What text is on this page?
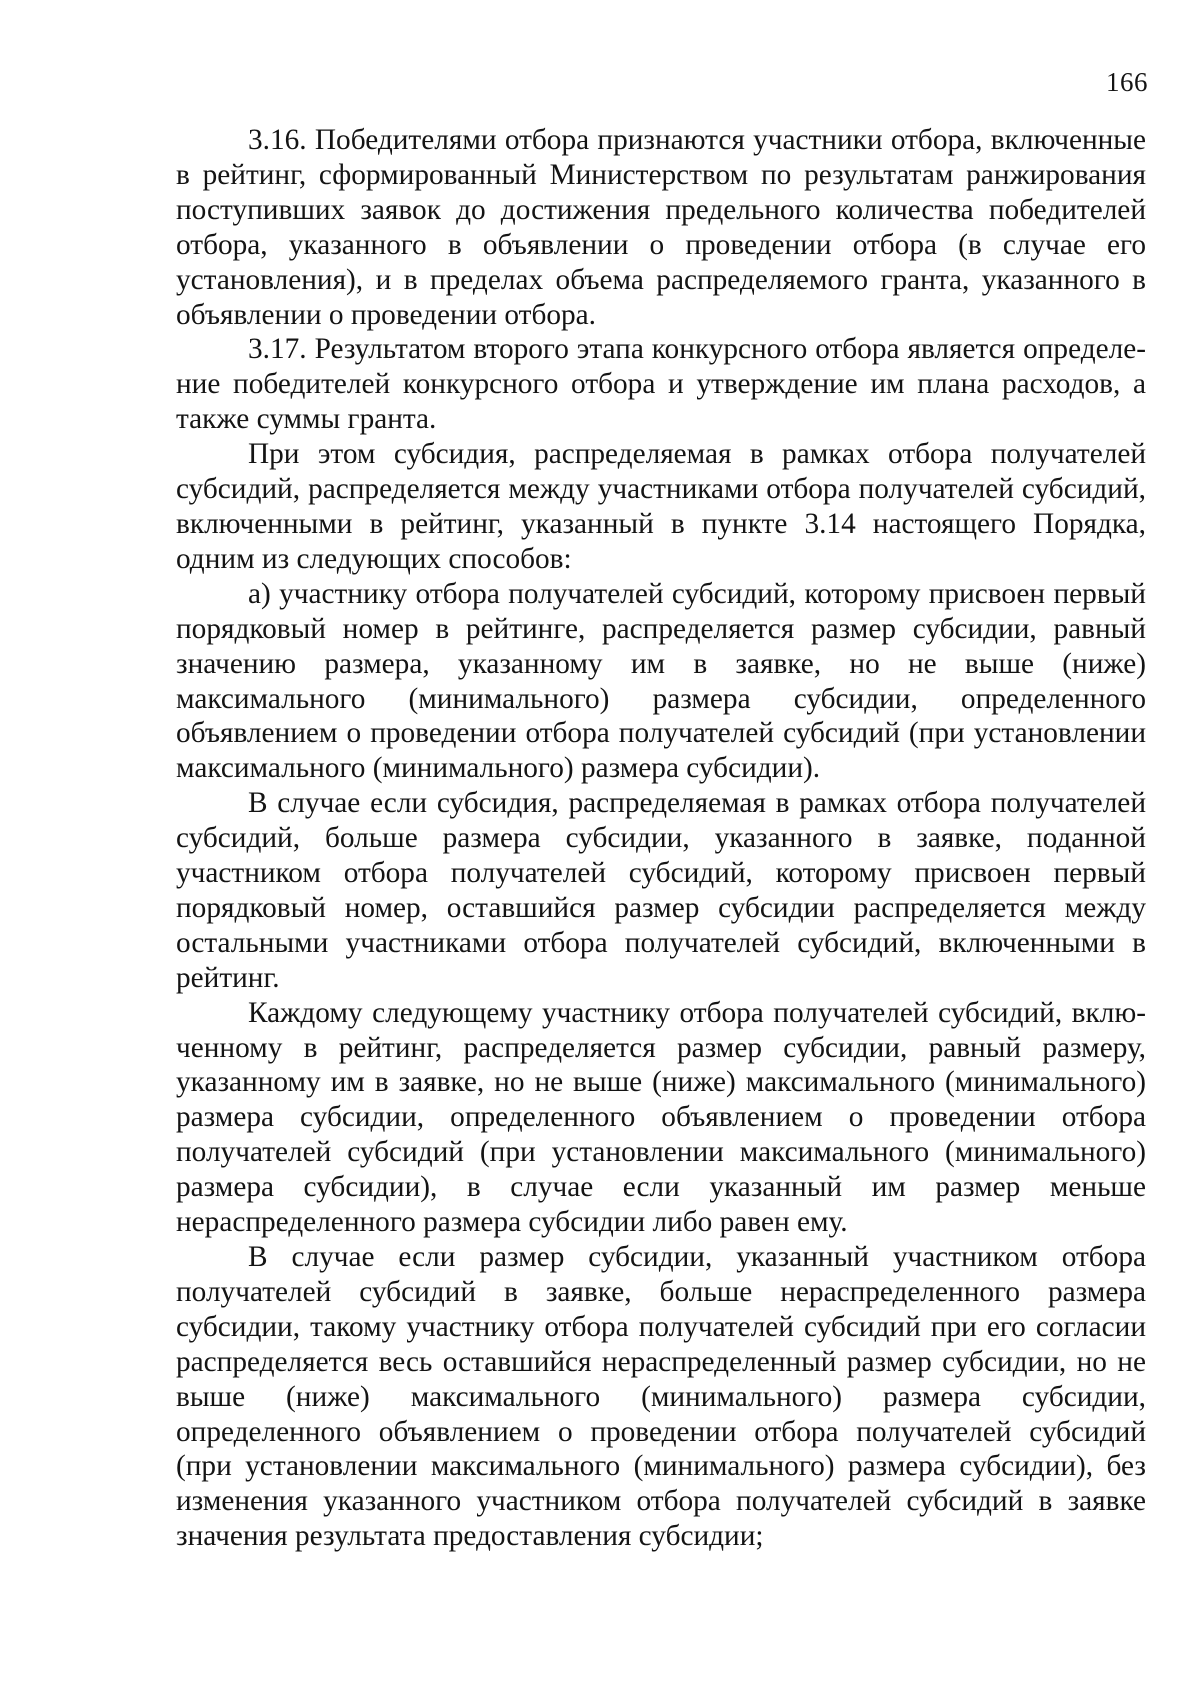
166

3.16. Победителями отбора признаются участники отбора, включенные в рейтинг, сформированный Министерством по результатам ранжирования поступивших заявок до достижения предельного количества победителей отбора, указанного в объявлении о проведении отбора (в случае его установления), и в пределах объема распределяемого гранта, указанного в объявлении о проведении отбора.

3.17. Результатом второго этапа конкурсного отбора является определение победителей конкурсного отбора и утверждение им плана расходов, а также суммы гранта.

При этом субсидия, распределяемая в рамках отбора получателей субсидий, распределяется между участниками отбора получателей субсидий, включенными в рейтинг, указанный в пункте 3.14 настоящего Порядка, одним из следующих способов:

а) участнику отбора получателей субсидий, которому присвоен первый порядковый номер в рейтинге, распределяется размер субсидии, равный значению размера, указанному им в заявке, но не выше (ниже) максимального (минимального) размера субсидии, определенного объявлением о проведении отбора получателей субсидий (при установлении максимального (минимального) размера субсидии).

В случае если субсидия, распределяемая в рамках отбора получателей субсидий, больше размера субсидии, указанного в заявке, поданной участником отбора получателей субсидий, которому присвоен первый порядковый номер, оставшийся размер субсидии распределяется между остальными участниками отбора получателей субсидий, включенными в рейтинг.

Каждому следующему участнику отбора получателей субсидий, включенному в рейтинг, распределяется размер субсидии, равный размеру, указанному им в заявке, но не выше (ниже) максимального (минимального) размера субсидии, определенного объявлением о проведении отбора получателей субсидий (при установлении максимального (минимального) размера субсидии), в случае если указанный им размер меньше нераспределенного размера субсидии либо равен ему.

В случае если размер субсидии, указанный участником отбора получателей субсидий в заявке, больше нераспределенного размера субсидии, такому участнику отбора получателей субсидий при его согласии распределяется весь оставшийся нераспределенный размер субсидии, но не выше (ниже) максимального (минимального) размера субсидии, определенного объявлением о проведении отбора получателей субсидий (при установлении максимального (минимального) размера субсидии), без изменения указанного участником отбора получателей субсидий в заявке значения результата предоставления субсидии;
